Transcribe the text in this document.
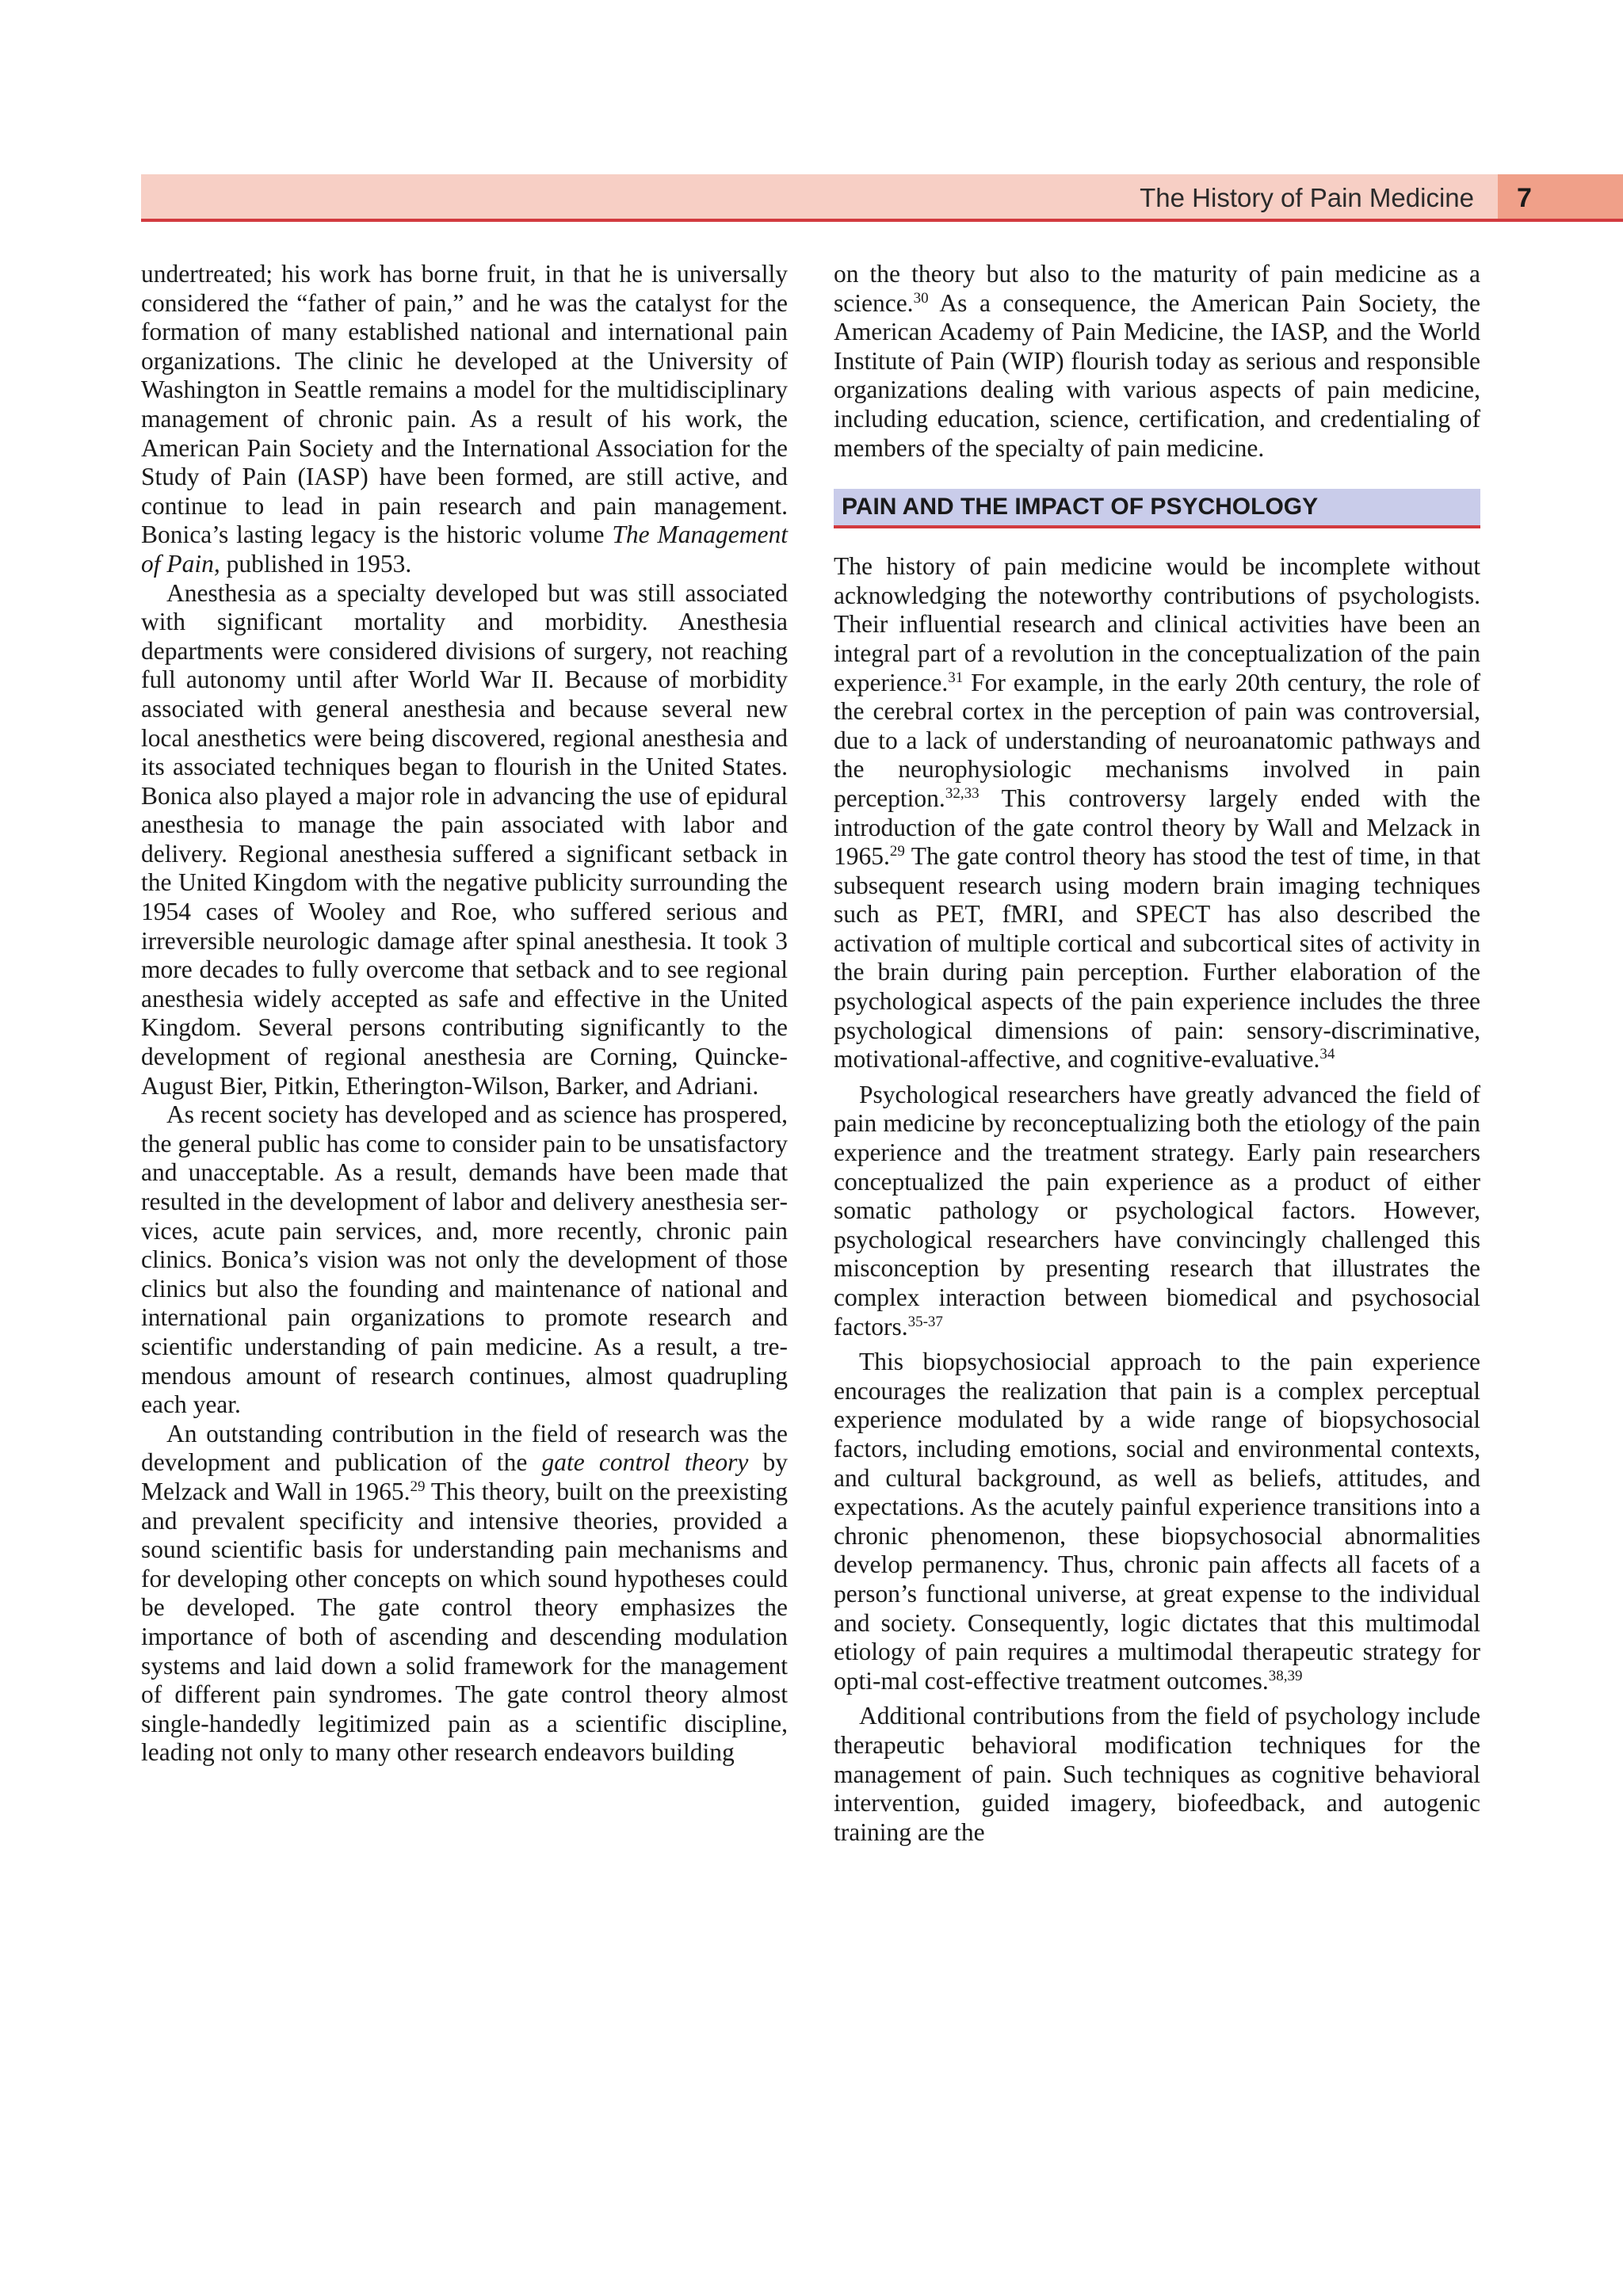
The History of Pain Medicine 7

undertreated; his work has borne fruit, in that he is universally considered the “father of pain,” and he was the catalyst for the formation of many established national and international pain organizations. The clinic he developed at the University of Washington in Seattle remains a model for the multidisciplinary management of chronic pain. As a result of his work, the American Pain Society and the International Association for the Study of Pain (IASP) have been formed, are still active, and continue to lead in pain research and pain management. Bonica’s lasting legacy is the historic volume The Management of Pain, published in 1953.

Anesthesia as a specialty developed but was still associated with significant mortality and morbidity. Anesthesia departments were considered divisions of surgery, not reaching full autonomy until after World War II. Because of morbidity associated with general anesthesia and because several new local anesthetics were being discovered, regional anesthesia and its associated techniques began to flourish in the United States. Bonica also played a major role in advancing the use of epidural anesthesia to manage the pain associated with labor and delivery. Regional anesthesia suffered a significant setback in the United Kingdom with the negative publicity surrounding the 1954 cases of Wooley and Roe, who suffered serious and irreversible neurologic damage after spinal anesthesia. It took 3 more decades to fully overcome that setback and to see regional anesthesia widely accepted as safe and effective in the United Kingdom. Several persons contributing significantly to the development of regional anesthesia are Corning, Quincke-August Bier, Pitkin, Etherington-Wilson, Barker, and Adriani.

As recent society has developed and as science has prospered, the general public has come to consider pain to be unsatisfactory and unacceptable. As a result, demands have been made that resulted in the development of labor and delivery anesthesia services, acute pain services, and, more recently, chronic pain clinics. Bonica’s vision was not only the development of those clinics but also the founding and maintenance of national and international pain organizations to promote research and scientific understanding of pain medicine. As a result, a tremendous amount of research continues, almost quadrupling each year.

An outstanding contribution in the field of research was the development and publication of the gate control theory by Melzack and Wall in 1965.29 This theory, built on the preexisting and prevalent specificity and intensive theories, provided a sound scientific basis for understanding pain mechanisms and for developing other concepts on which sound hypotheses could be developed. The gate control theory emphasizes the importance of both of ascending and descending modulation systems and laid down a solid framework for the management of different pain syndromes. The gate control theory almost single-handedly legitimized pain as a scientific discipline, leading not only to many other research endeavors building

on the theory but also to the maturity of pain medicine as a science.$^{30}$ As a consequence, the American Pain Society, the American Academy of Pain Medicine, the IASP, and the World Institute of Pain (WIP) flourish today as serious and responsible organizations dealing with various aspects of pain medicine, including education, science, certification, and credentialing of members of the specialty of pain medicine.

PAIN AND THE IMPACT OF PSYCHOLOGY

The history of pain medicine would be incomplete without acknowledging the noteworthy contributions of psychologists. Their influential research and clinical activities have been an integral part of a revolution in the conceptualization of the pain experience.$^{31}$ For example, in the early 20th century, the role of the cerebral cortex in the perception of pain was controversial, due to a lack of understanding of neuroanatomic pathways and the neurophysiologic mechanisms involved in pain perception.$^{32,33}$ This controversy largely ended with the introduction of the gate control theory by Wall and Melzack in 1965.29 The gate control theory has stood the test of time, in that subsequent research using modern brain imaging techniques such as PET, fMRI, and SPECT has also described the activation of multiple cortical and subcortical sites of activity in the brain during pain perception. Further elaboration of the psychological aspects of the pain experience includes the three psychological dimensions of pain: sensory-discriminative, motivational-affective, and cognitive-evaluative.$^{34}$

Psychological researchers have greatly advanced the field of pain medicine by reconceptualizing both the etiology of the pain experience and the treatment strategy. Early pain researchers conceptualized the pain experience as a product of either somatic pathology or psychological factors. However, psychological researchers have convincingly challenged this misconception by presenting research that illustrates the complex interaction between biomedical and psychosocial factors.$^{35-37}$

This biopsychosiocial approach to the pain experience encourages the realization that pain is a complex perceptual experience modulated by a wide range of biopsychosocial factors, including emotions, social and environmental contexts, and cultural background, as well as beliefs, attitudes, and expectations. As the acutely painful experience transitions into a chronic phenomenon, these biopsychosocial abnormalities develop permanency. Thus, chronic pain affects all facets of a person’s functional universe, at great expense to the individual and society. Consequently, logic dictates that this multimodal etiology of pain requires a multimodal therapeutic strategy for opti-mal cost-effective treatment outcomes.$^{38,39}$

Additional contributions from the field of psychology include therapeutic behavioral modification techniques for the management of pain. Such techniques as cognitive behavioral intervention, guided imagery, biofeedback, and autogenic training are the
